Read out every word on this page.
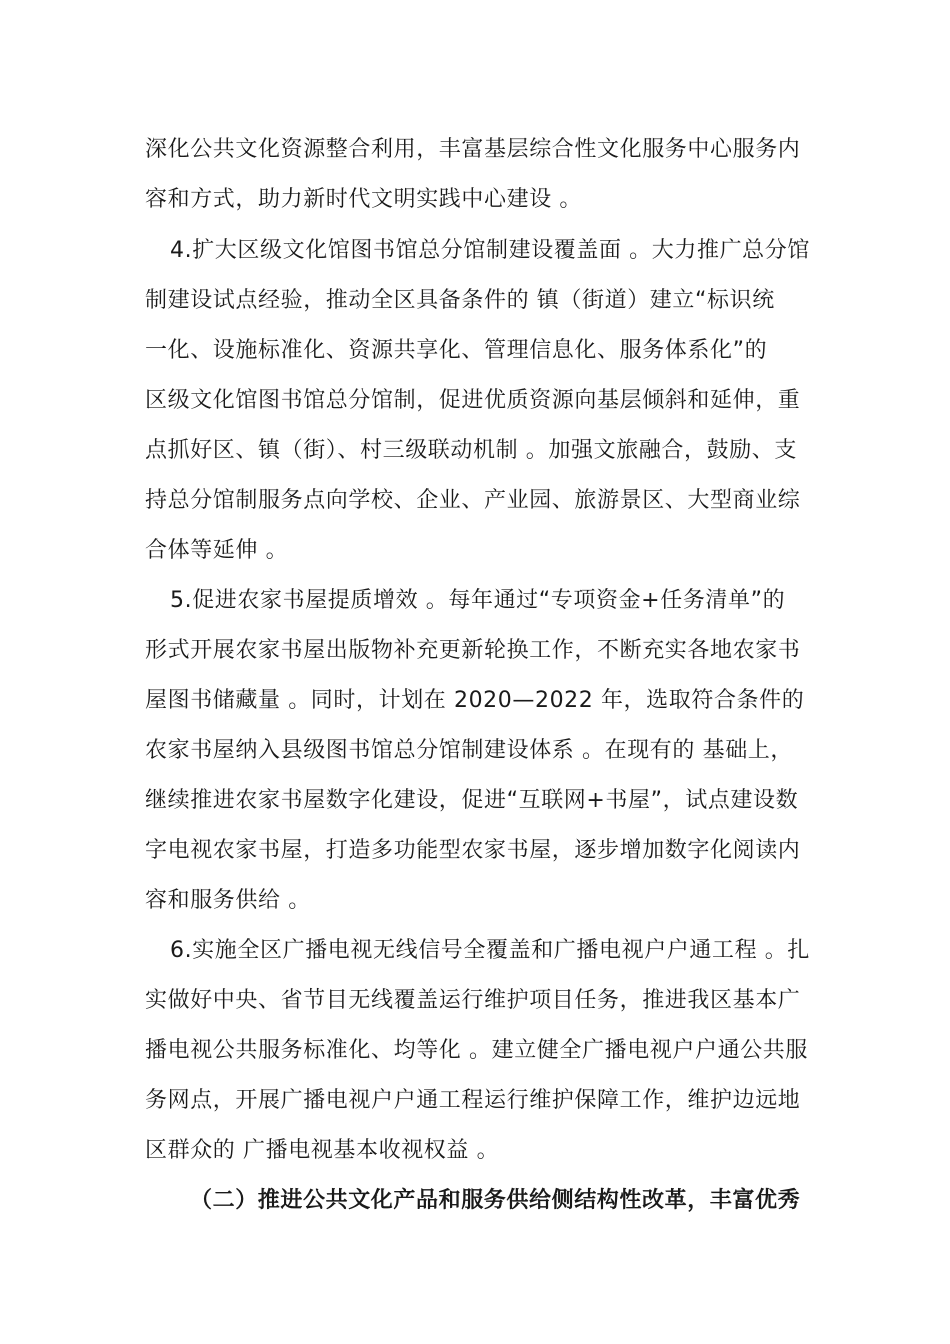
深化公共文化资源整合利用，丰富基层综合性文化服务中心服务内
容和方式，助力新时代文明实践中心建设 。
4.扩大区级文化馆图书馆总分馆制建设覆盖面 。大力推广总分馆
制建设试点经验，推动全区具备条件的 镇（街道）建立“标识统
一化、设施标准化、资源共享化、管理信息化、服务体系化”的
区级文化馆图书馆总分馆制，促进优质资源向基层倾斜和延伸，重
点抓好区、镇（街）、村三级联动机制 。加强文旅融合，鼓励、支
持总分馆制服务点向学校、企业、产业园、旅游景区、大型商业综
合体等延伸 。
5.促进农家书屋提质增效 。每年通过“专项资金+任务清单”的
形式开展农家书屋出版物补充更新轮换工作，不断充实各地农家书
屋图书储藏量 。同时，计划在 2020—2022 年，选取符合条件的
农家书屋纳入县级图书馆总分馆制建设体系 。在现有的 基础上，
继续推进农家书屋数字化建设，促进“互联网+书屋”，试点建设数
字电视农家书屋，打造多功能型农家书屋，逐步增加数字化阅读内
容和服务供给 。
6.实施全区广播电视无线信号全覆盖和广播电视户户通工程 。扎
实做好中央、省节目无线覆盖运行维护项目任务，推进我区基本广
播电视公共服务标准化、均等化 。建立健全广播电视户户通公共服
务网点，开展广播电视户户通工程运行维护保障工作，维护边远地
区群众的 广播电视基本收视权益 。
（二）推进公共文化产品和服务供给侧结构性改革，丰富优秀
